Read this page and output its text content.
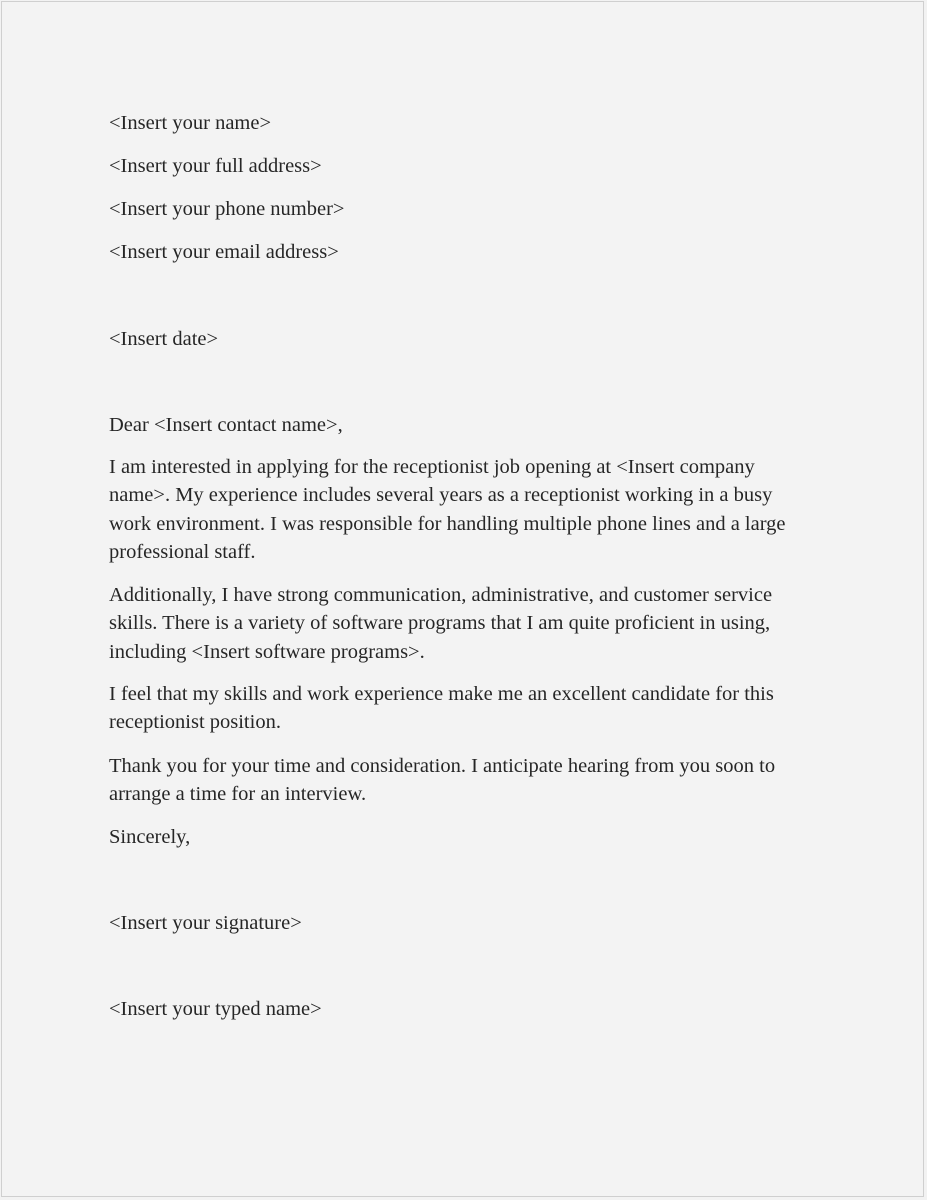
<Insert your name>
<Insert your full address>
<Insert your phone number>
<Insert your email address>
<Insert date>
Dear <Insert contact name>,
I am interested in applying for the receptionist job opening at <Insert company
name>. My experience includes several years as a receptionist working in a busy
work environment. I was responsible for handling multiple phone lines and a large
professional staff.
Additionally, I have strong communication, administrative, and customer service
skills. There is a variety of software programs that I am quite proficient in using,
including <Insert software programs>.
I feel that my skills and work experience make me an excellent candidate for this
receptionist position.
Thank you for your time and consideration. I anticipate hearing from you soon to
arrange a time for an interview.
Sincerely,
<Insert your signature>
<Insert your typed name>
